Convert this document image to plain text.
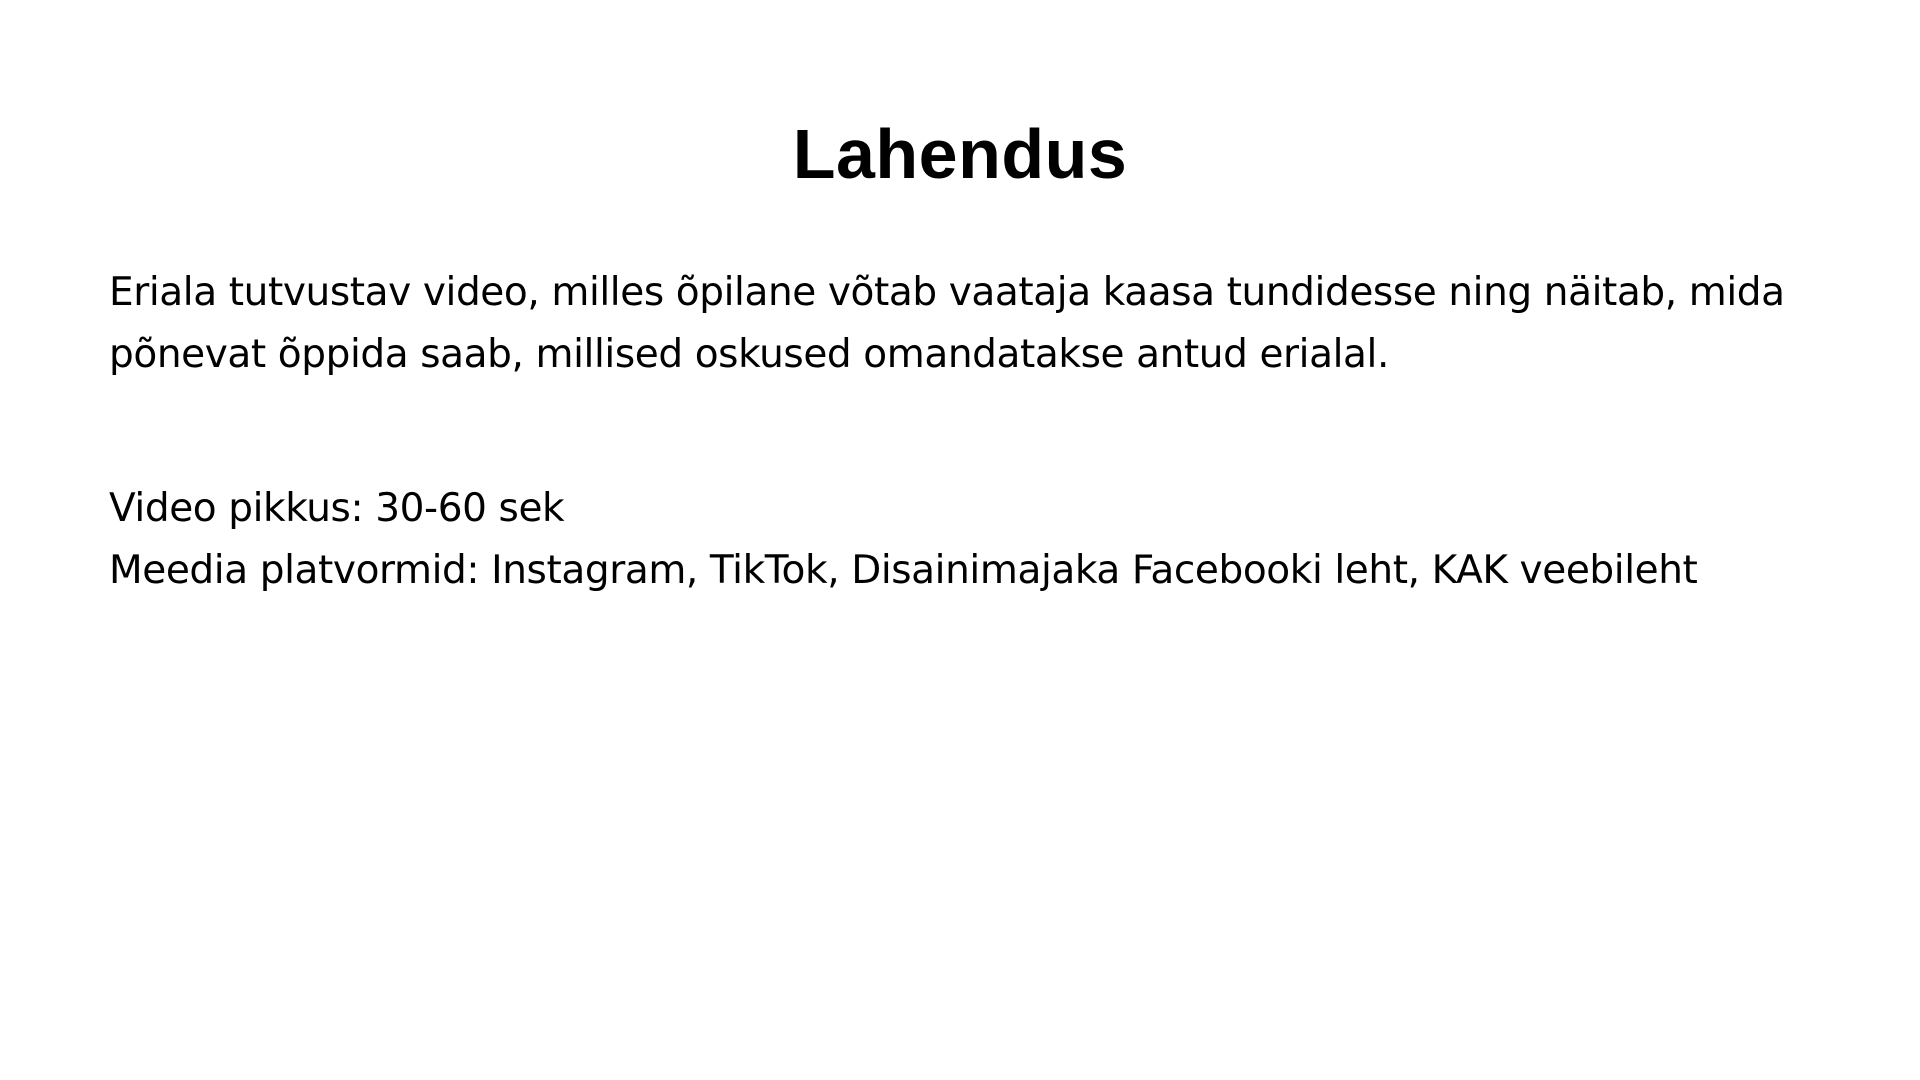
Lahendus

Eriala tutvustav video, milles õpilane võtab vaataja kaasa tundidesse ning näitab, mida
põnevat õppida saab, millised oskused omandatakse antud erialal.

Video pikkus: 30-60 sek
Meedia platvormid: Instagram, TikTok, Disainimajaka Facebooki leht, KAK veebileht
